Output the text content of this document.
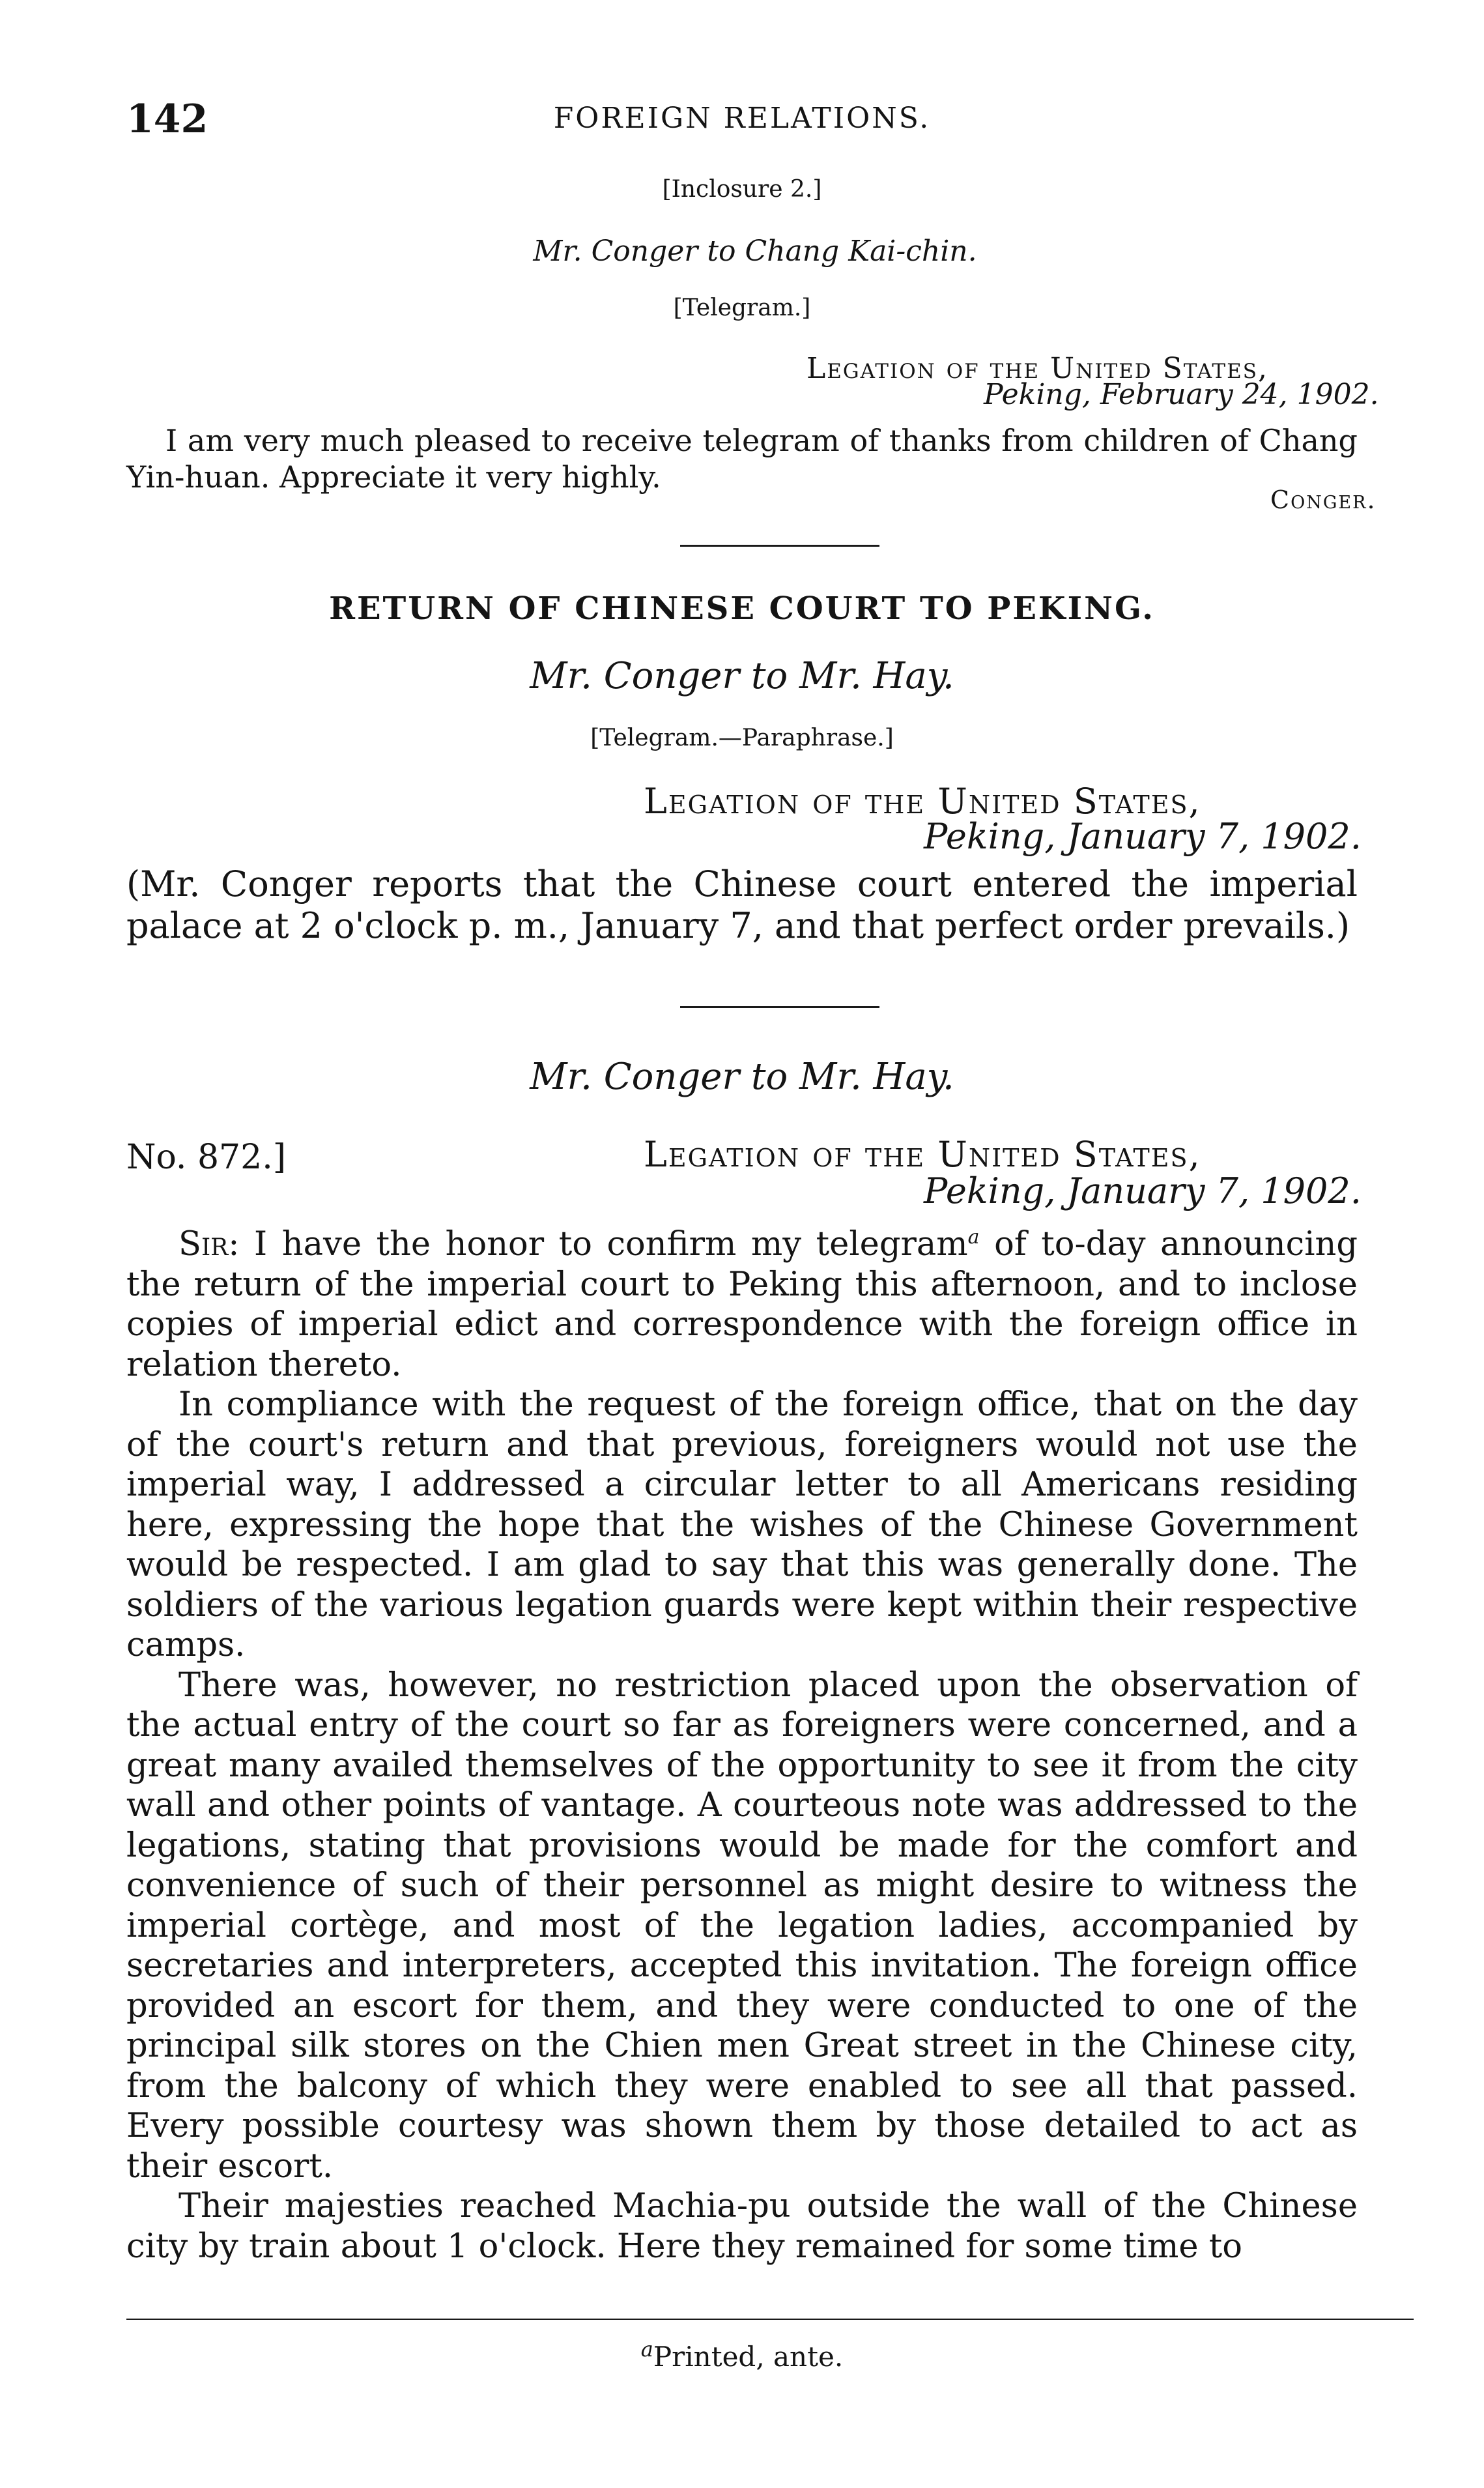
142	FOREIGN RELATIONS.
[Inclosure 2.]
Mr. Conger to Chang Kai-chin.
[Telegram.]
Legation of the United States,
Peking, February 24, 1902.

I am very much pleased to receive telegram of thanks from children of Chang Yin-huan. Appreciate it very highly.

Conger.
RETURN OF CHINESE COURT TO PEKING.
Mr. Conger to Mr. Hay.
[Telegram.—Paraphrase.]
Legation of the United States,
Peking, January 7, 1902.

(Mr. Conger reports that the Chinese court entered the imperial palace at 2 o'clock p. m., January 7, and that perfect order prevails.)

Mr. Conger to Mr. Hay.
No. 872.]	Legation of the United States,
Peking, January 7, 1902.

Sir: I have the honor to confirm my telegram$^a$ of to-day announcing the return of the imperial court to Peking this afternoon, and to inclose copies of imperial edict and correspondence with the foreign office in relation thereto.

In compliance with the request of the foreign office, that on the day of the court's return and that previous, foreigners would not use the imperial way, I addressed a circular letter to all Americans residing here, expressing the hope that the wishes of the Chinese Government would be respected. I am glad to say that this was generally done. The soldiers of the various legation guards were kept within their respective camps.

There was, however, no restriction placed upon the observation of the actual entry of the court so far as foreigners were concerned, and a great many availed themselves of the opportunity to see it from the city wall and other points of vantage. A courteous note was addressed to the legations, stating that provisions would be made for the comfort and convenience of such of their personnel as might desire to witness the imperial cortège, and most of the legation ladies, accompanied by secretaries and interpreters, accepted this invitation. The foreign office provided an escort for them, and they were conducted to one of the principal silk stores on the Chien men Great street in the Chinese city, from the balcony of which they were enabled to see all that passed. Every possible courtesy was shown them by those detailed to act as their escort.

Their majesties reached Machia-pu outside the wall of the Chinese city by train about 1 o'clock. Here they remained for some time to

$^a$Printed, ante.
